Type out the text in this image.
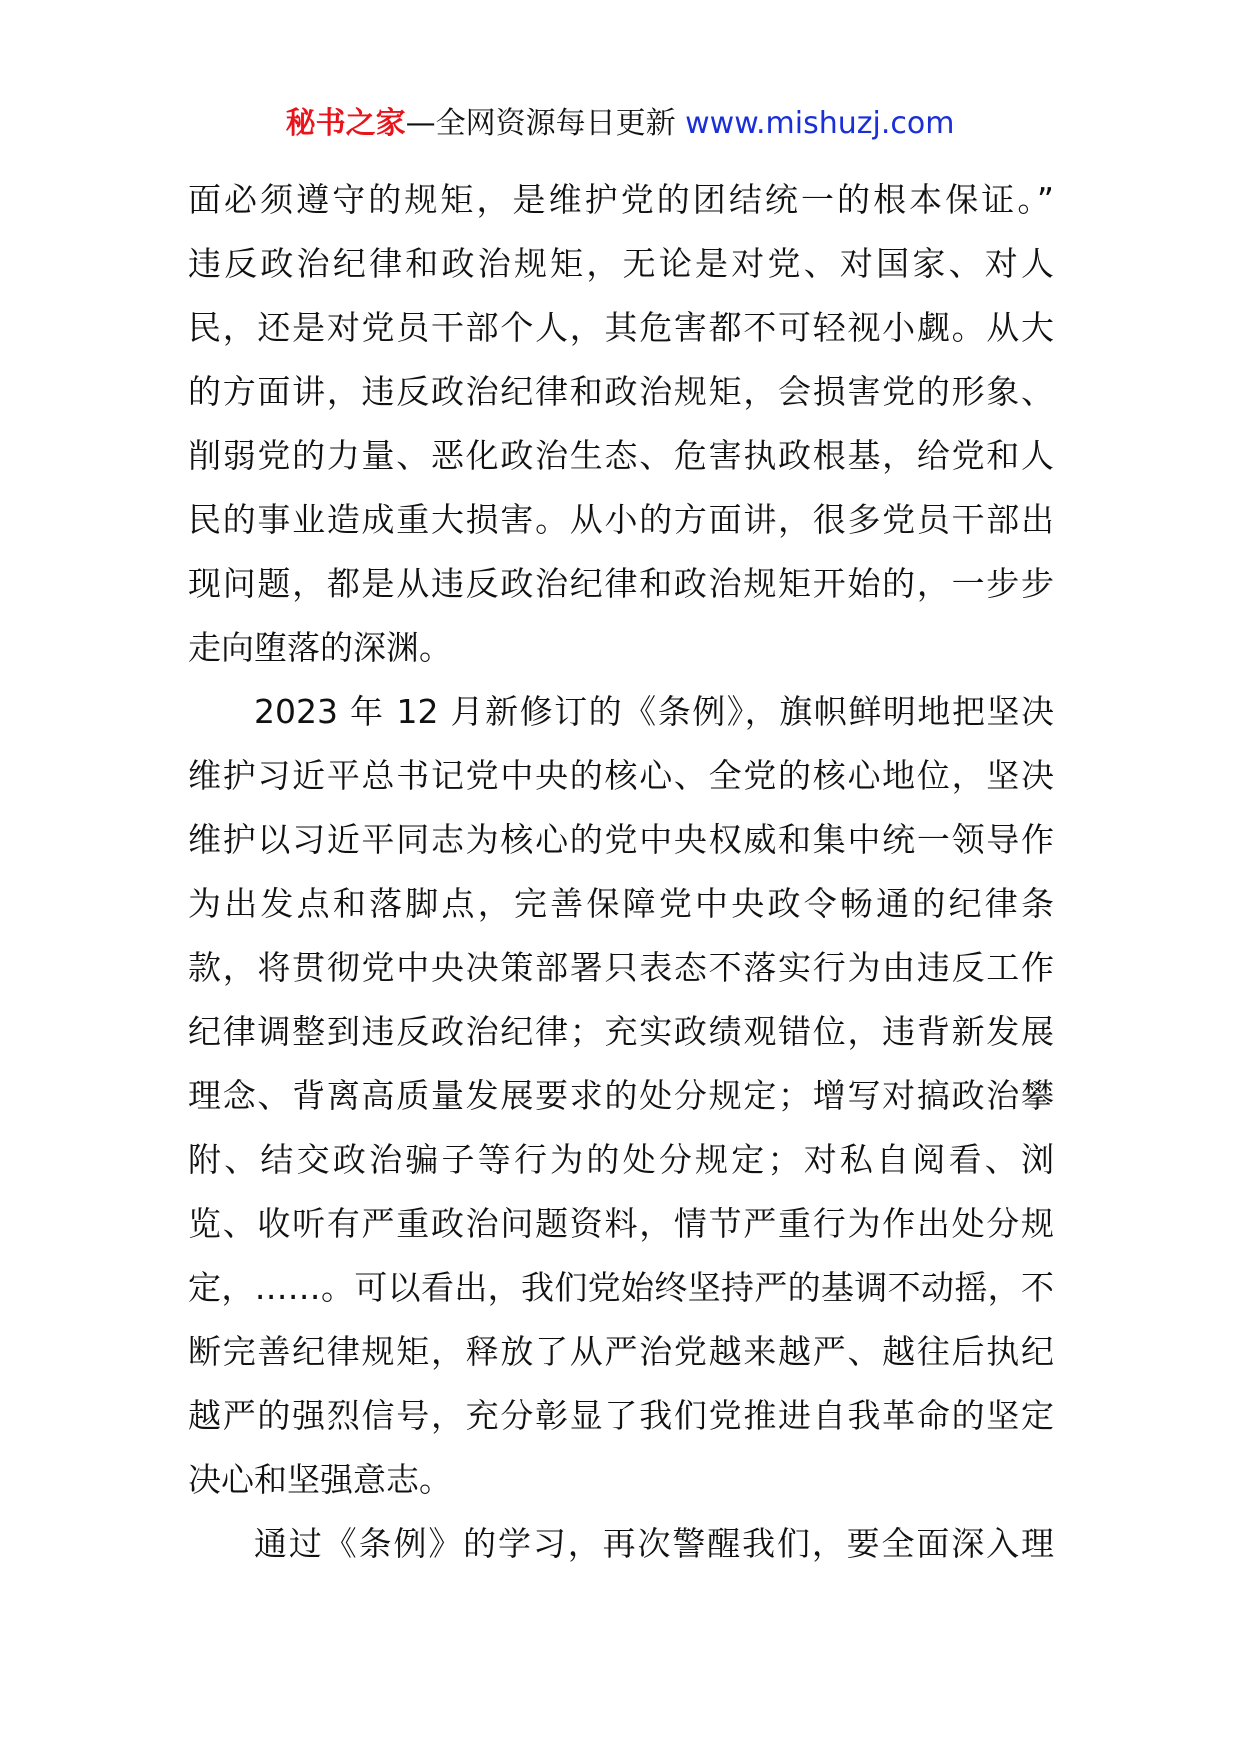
秘书之家—全网资源每日更新 www.mishuzj.com
面必须遵守的规矩，是维护党的团结统一的根本保证。”
违反政治纪律和政治规矩，无论是对党、对国家、对人
民，还是对党员干部个人，其危害都不可轻视小觑。从大
的方面讲，违反政治纪律和政治规矩，会损害党的形象、
削弱党的力量、恶化政治生态、危害执政根基，给党和人
民的事业造成重大损害。从小的方面讲，很多党员干部出
现问题，都是从违反政治纪律和政治规矩开始的，一步步
走向堕落的深渊。
2023 年 12 月新修订的《条例》，旗帜鲜明地把坚决
维护习近平总书记党中央的核心、全党的核心地位，坚决
维护以习近平同志为核心的党中央权威和集中统一领导作
为出发点和落脚点，完善保障党中央政令畅通的纪律条
款，将贯彻党中央决策部署只表态不落实行为由违反工作
纪律调整到违反政治纪律；充实政绩观错位，违背新发展
理念、背离高质量发展要求的处分规定；增写对搞政治攀
附、结交政治骗子等行为的处分规定；对私自阅看、浏
览、收听有严重政治问题资料，情节严重行为作出处分规
定，……。可以看出，我们党始终坚持严的基调不动摇，不
断完善纪律规矩，释放了从严治党越来越严、越往后执纪
越严的强烈信号，充分彰显了我们党推进自我革命的坚定
决心和坚强意志。
通过《条例》的学习，再次警醒我们，要全面深入理
